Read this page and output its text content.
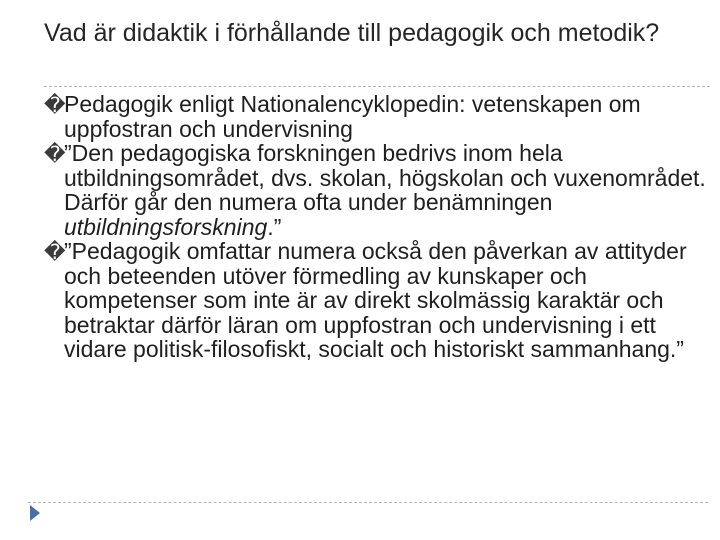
Vad är didaktik i förhållande till pedagogik och metodik?
�
Pedagogik enligt Nationalencyklopedin: vetenskapen om uppfostran och undervisning
�
”Den pedagogiska forskningen bedrivs inom hela utbildningsområdet, dvs. skolan, högskolan och vuxenområdet. Därför går den numera ofta under benämningen utbildningsforskning.”
�
”Pedagogik omfattar numera också den påverkan av attityder och beteenden utöver förmedling av kunskaper och kompetenser som inte är av direkt skolmässig karaktär och betraktar därför läran om uppfostran och undervisning i ett vidare politisk-filosofiskt, socialt och historiskt sammanhang.”
